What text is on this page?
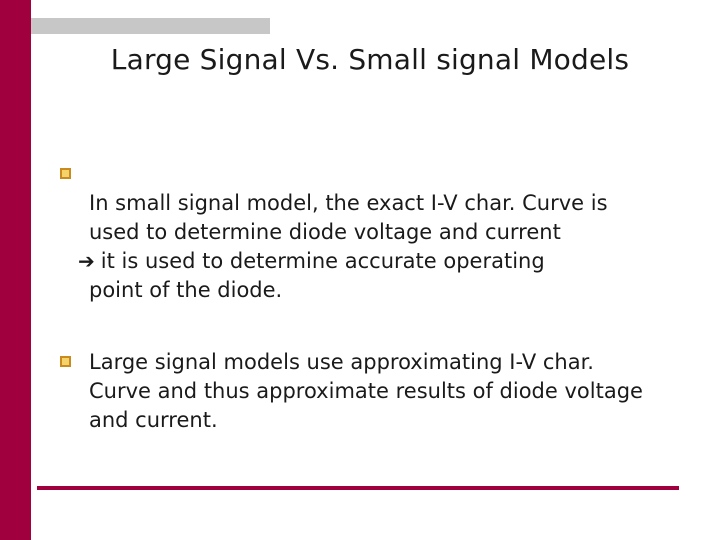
Large Signal Vs. Small signal Models

In small signal model, the exact I-V char. Curve is used to determine diode voltage and current

➔ it is used to determine accurate operating
point of the diode.
Large signal models use approximating I-V char. Curve and thus approximate results of diode voltage and current.
